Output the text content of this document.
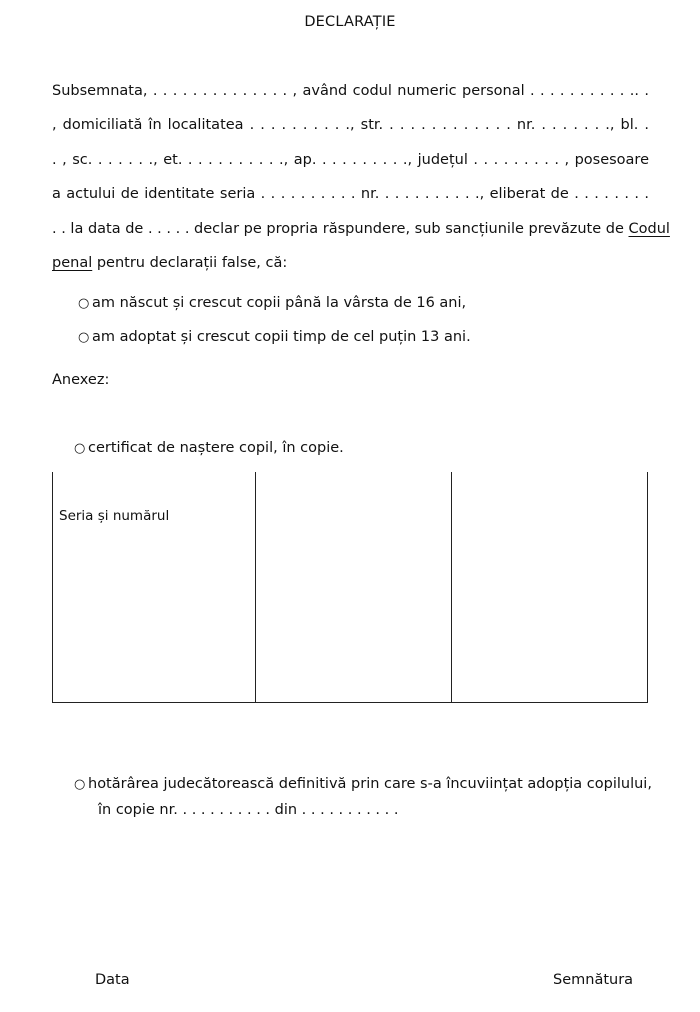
DECLARAȚIE
Subsemnata, . . . . . . . . . . . . . . , având codul numeric personal . . . . . . . . . . .. .
, domiciliată în localitatea . . . . . . . . . ., str. . . . . . . . . . . . . nr. . . . . . . ., bl. .
. , sc. . . . . . ., et. . . . . . . . . . ., ap. . . . . . . . . ., județul . . . . . . . . . , posesoare
a actului de identitate seria . . . . . . . . . . nr. . . . . . . . . . ., eliberat de . . . . . . . .
. . la data de . . . . . declar pe propria răspundere, sub sancțiunile prevăzute de Codul
penal pentru declarații false, că:
○ am născut și crescut copii până la vârsta de 16 ani,
○ am adoptat și crescut copii timp de cel puțin 13 ani.
Anexez:
○ certificat de naștere copil, în copie.
Seria și numărul
○ hotărârea judecătorească definitivă prin care s-a încuviințat adopția copilului,
în copie nr. . . . . . . . . . . din . . . . . . . . . . .
Data	Semnătura
